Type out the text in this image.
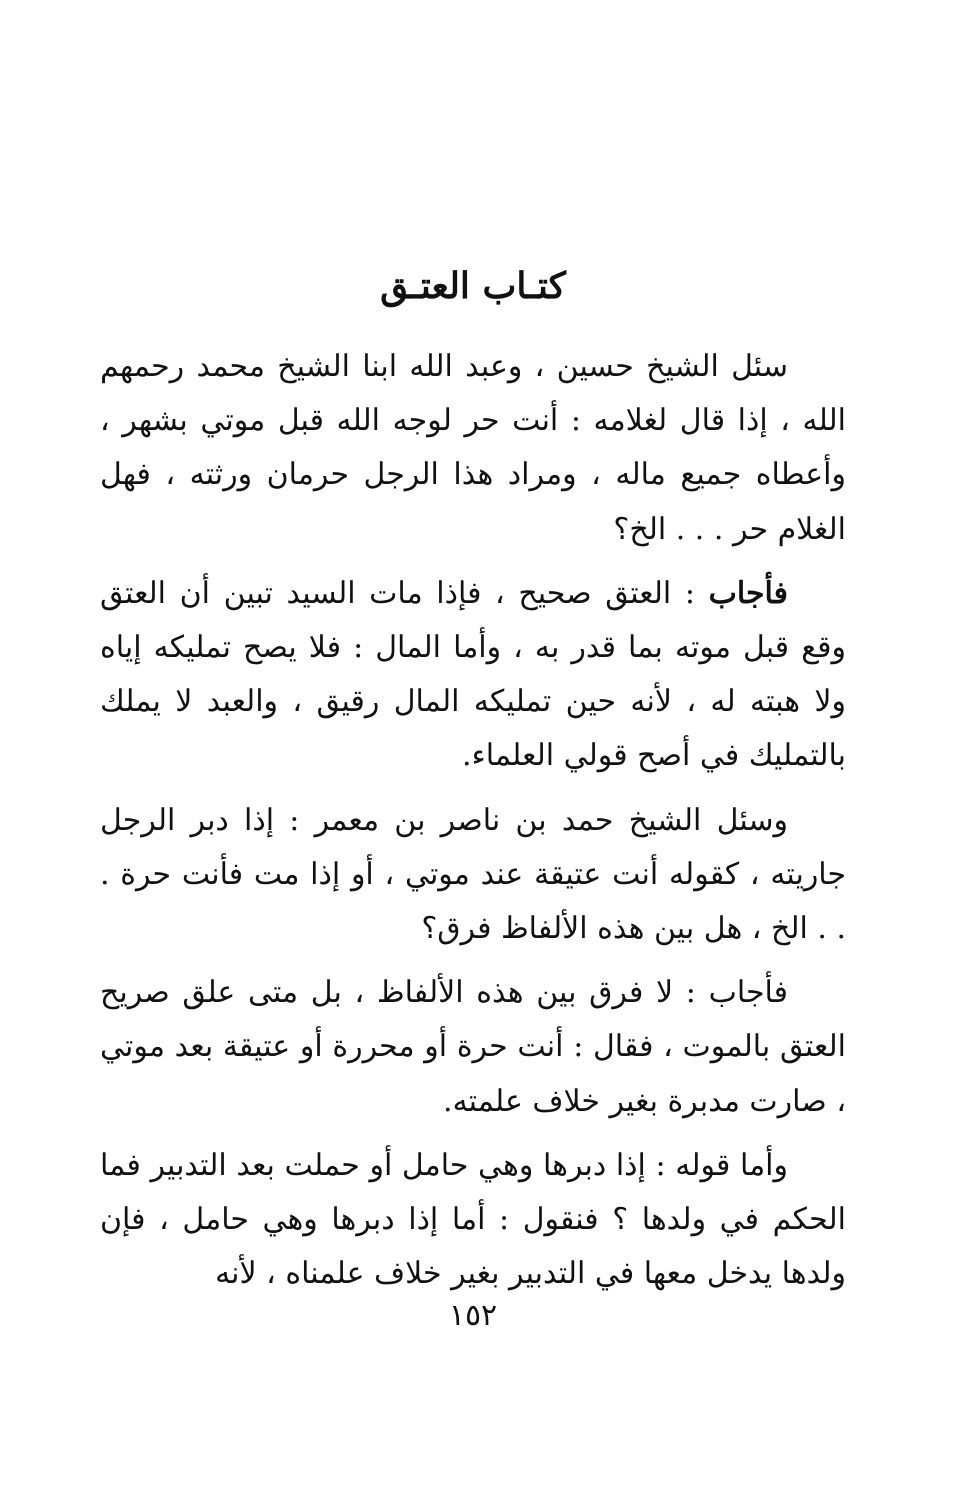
كتـاب العتـق

سئل الشيخ حسين ، وعبد الله ابنا الشيخ محمد رحمهم الله ، إذا قال لغلامه : أنت حر لوجه الله قبل موتي بشهر ، وأعطاه جميع ماله ، ومراد هذا الرجل حرمان ورثته ، فهل الغلام حر . . . الخ؟

فأجاب : العتق صحيح ، فإذا مات السيد تبين أن العتق وقع قبل موته بما قدر به ، وأما المال : فلا يصح تمليكه إياه ولا هبته له ، لأنه حين تمليكه المال رقيق ، والعبد لا يملك بالتمليك في أصح قولي العلماء.

وسئل الشيخ حمد بن ناصر بن معمر : إذا دبر الرجل جاريته ، كقوله أنت عتيقة عند موتي ، أو إذا مت فأنت حرة . . . الخ ، هل بين هذه الألفاظ فرق؟

فأجاب : لا فرق بين هذه الألفاظ ، بل متى علق صريح العتق بالموت ، فقال : أنت حرة أو محررة أو عتيقة بعد موتي ، صارت مدبرة بغير خلاف علمته.

وأما قوله : إذا دبرها وهي حامل أو حملت بعد التدبير فما الحكم في ولدها ؟ فنقول : أما إذا دبرها وهي حامل ، فإن ولدها يدخل معها في التدبير بغير خلاف علمناه ، لأنه

١٥٢
